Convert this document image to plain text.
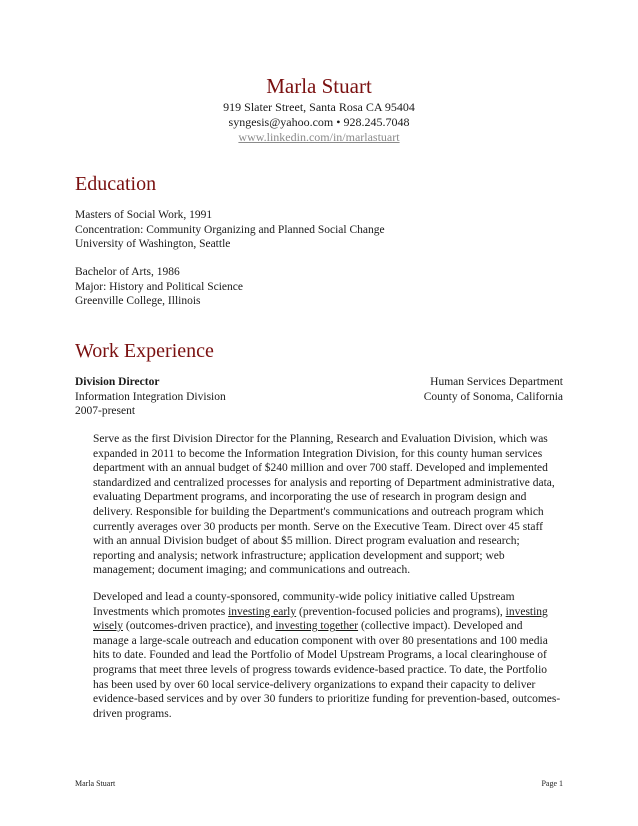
Marla Stuart
919 Slater Street, Santa Rosa CA 95404
syngesis@yahoo.com • 928.245.7048
www.linkedin.com/in/marlastuart
Education
Masters of Social Work, 1991
Concentration: Community Organizing and Planned Social Change
University of Washington, Seattle
Bachelor of Arts, 1986
Major: History and Political Science
Greenville College, Illinois
Work Experience
Division Director	Human Services Department
Information Integration Division	County of Sonoma, California
2007-present
Serve as the first Division Director for the Planning, Research and Evaluation Division, which was expanded in 2011 to become the Information Integration Division, for this county human services department with an annual budget of $240 million and over 700 staff. Developed and implemented standardized and centralized processes for analysis and reporting of Department administrative data, evaluating Department programs, and incorporating the use of research in program design and delivery. Responsible for building the Department's communications and outreach program which currently averages over 30 products per month. Serve on the Executive Team. Direct over 45 staff with an annual Division budget of about $5 million. Direct program evaluation and research; reporting and analysis; network infrastructure; application development and support; web management; document imaging; and communications and outreach.
Developed and lead a county-sponsored, community-wide policy initiative called Upstream Investments which promotes investing early (prevention-focused policies and programs), investing wisely (outcomes-driven practice), and investing together (collective impact). Developed and manage a large-scale outreach and education component with over 80 presentations and 100 media hits to date. Founded and lead the Portfolio of Model Upstream Programs, a local clearinghouse of programs that meet three levels of progress towards evidence-based practice. To date, the Portfolio has been used by over 60 local service-delivery organizations to expand their capacity to deliver evidence-based services and by over 30 funders to prioritize funding for prevention-based, outcomes-driven programs.
Marla Stuart	Page 1
